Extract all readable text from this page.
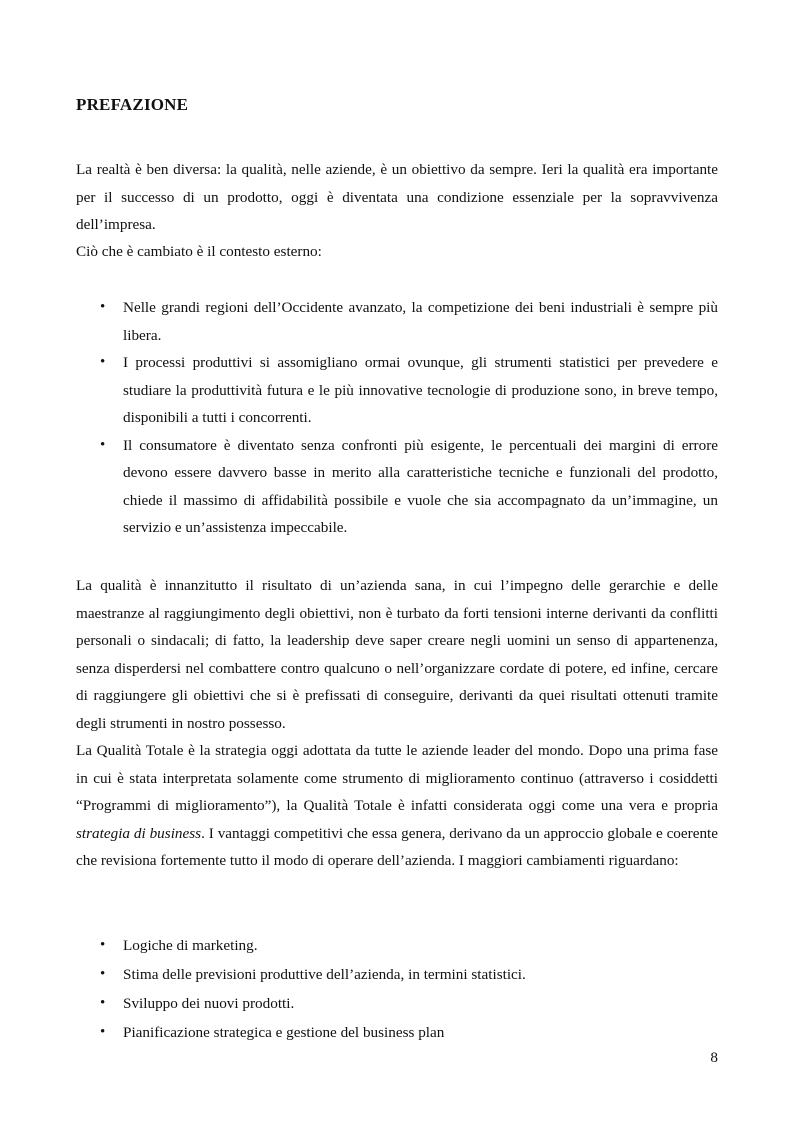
PREFAZIONE

La realtà è ben diversa: la qualità, nelle aziende, è un obiettivo da sempre. Ieri la qualità era importante per il successo di un prodotto, oggi è diventata una condizione essenziale per la sopravvivenza dell’impresa.

Ciò che è cambiato è il contesto esterno:

• Nelle grandi regioni dell’Occidente avanzato, la competizione dei beni industriali è sempre più libera.
• I processi produttivi si assomigliano ormai ovunque, gli strumenti statistici per prevedere e studiare la produttività futura e le più innovative tecnologie di produzione sono, in breve tempo, disponibili a tutti i concorrenti.
• Il consumatore è diventato senza confronti più esigente, le percentuali dei margini di errore devono essere davvero basse in merito alla caratteristiche tecniche e funzionali del prodotto, chiede il massimo di affidabilità possibile e vuole che sia accompagnato da un’immagine, un servizio e un’assistenza impeccabile.

La qualità è innanzitutto il risultato di un’azienda sana, in cui l’impegno delle gerarchie e delle maestranze al raggiungimento degli obiettivi, non è turbato da forti tensioni interne derivanti da conflitti personali o sindacali; di fatto, la leadership deve saper creare negli uomini un senso di appartenenza, senza disperdersi nel combattere contro qualcuno o nell’organizzare cordate di potere, ed infine, cercare di raggiungere gli obiettivi che si è prefissati di conseguire, derivanti da quei risultati ottenuti tramite degli strumenti in nostro possesso.

La Qualità Totale è la strategia oggi adottata da tutte le aziende leader del mondo. Dopo una prima fase in cui è stata interpretata solamente come strumento di miglioramento continuo (attraverso i cosiddetti “Programmi di miglioramento”), la Qualità Totale è infatti considerata oggi come una vera e propria strategia di business. I vantaggi competitivi che essa genera, derivano da un approccio globale e coerente che revisiona fortemente tutto il modo di operare dell’azienda. I maggiori cambiamenti riguardano:

• Logiche di marketing.
• Stima delle previsioni produttive dell’azienda, in termini statistici.
• Sviluppo dei nuovi prodotti.
• Pianificazione strategica e gestione del business plan
8
